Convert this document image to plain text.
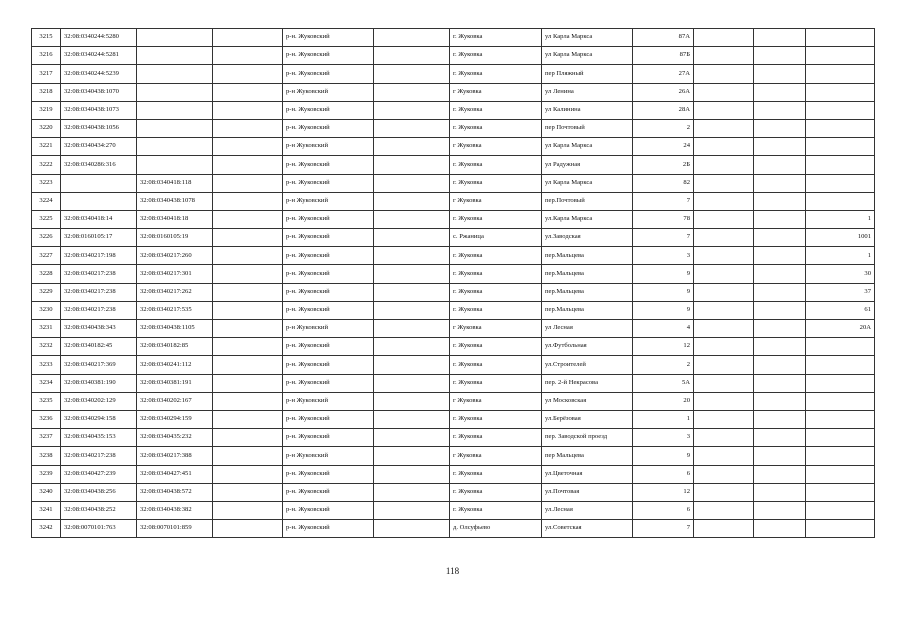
3215	32:08:0340244:5280			р-н. Жуковский		г. Жуковка	ул Карла Маркса	87А			
3216	32:08:0340244:5281			р-н. Жуковский		г. Жуковка	ул Карла Маркса	87Б			
3217	32:08:0340244:5239			р-н. Жуковский		г. Жуковка	пер Пляжный	27А			
3218	32:08:0340438:1070			р-н Жуковский		г Жуковка	ул Ленина	26А			
3219	32:08:0340438:1073			р-н. Жуковский		г. Жуковка	ул Калинина	28А			
3220	32:08:0340438:1056			р-н. Жуковский		г. Жуковка	пер Почтовый	2			
3221	32:08:0340434:270			р-н Жуковский		г Жуковка	ул Карла Маркса	24			
3222	32:08:0340286:316			р-н. Жуковский		г. Жуковка	ул Радужная	2Б			
3223		32:08:0340418:118		р-н. Жуковский		г. Жуковка	ул Карла Маркса	82			
3224		32:08:0340438:1078		р-н Жуковский		г Жуковка	пер.Почтовый	7			
3225	32:08:0340418:14	32:08:0340418:18		р-н. Жуковский		г. Жуковка	ул.Карла Маркса	78			1
3226	32:08:0160105:17	32:08:0160105:19		р-н. Жуковский		с. Ржаница	ул.Заводская	7			1001
3227	32:08:0340217:198	32:08:0340217:260		р-н. Жуковский		г. Жуковка	пер.Мальцева	3			1
3228	32:08:0340217:238	32:08:0340217:301		р-н. Жуковский		г. Жуковка	пер.Мальцева	9			30
3229	32:08:0340217:238	32:08:0340217:262		р-н. Жуковский		г. Жуковка	пер.Мальцева	9			37
3230	32:08:0340217:238	32:08:0340217:535		р-н. Жуковский		г. Жуковка	пер.Мальцева	9			61
3231	32:08:0340438:343	32:08:0340438:1105		р-н Жуковский		г Жуковка	ул Лесная	4			20А
3232	32:08:0340182:45	32:08:0340182:85		р-н. Жуковский		г. Жуковка	ул.Футбольная	12			
3233	32:08:0340217:369	32:08:0340241:112		р-н. Жуковский		г. Жуковка	ул.Строителей	2			
3234	32:08:0340381:190	32:08:0340381:191		р-н. Жуковский		г. Жуковка	пер. 2-й Некрасова	5А			
3235	32:08:0340202:129	32:08:0340202:167		р-н Жуковский		г Жуковка	ул Московская	20			
3236	32:08:0340294:158	32:08:0340294:159		р-н. Жуковский		г. Жуковка	ул.Берёзовая	1			
3237	32:08:0340435:153	32:08:0340435:232		р-н. Жуковский		г. Жуковка	пер. Заводской проезд	3			
3238	32:08:0340217:238	32:08:0340217:388		р-н Жуковский		г Жуковка	пер Мальцева	9			
3239	32:08:0340427:239	32:08:0340427:451		р-н. Жуковский		г. Жуковка	ул.Цветочная	6			
3240	32:08:0340438:256	32:08:0340438:572		р-н. Жуковский		г. Жуковка	ул.Почтовая	12			
3241	32:08:0340438:252	32:08:0340438:382		р-н. Жуковский		г. Жуковка	ул.Лесная	6			
3242	32:08:0070101:763	32:08:0070101:859		р-н. Жуковский		д. Олсуфьево	ул.Советская	7			
118
